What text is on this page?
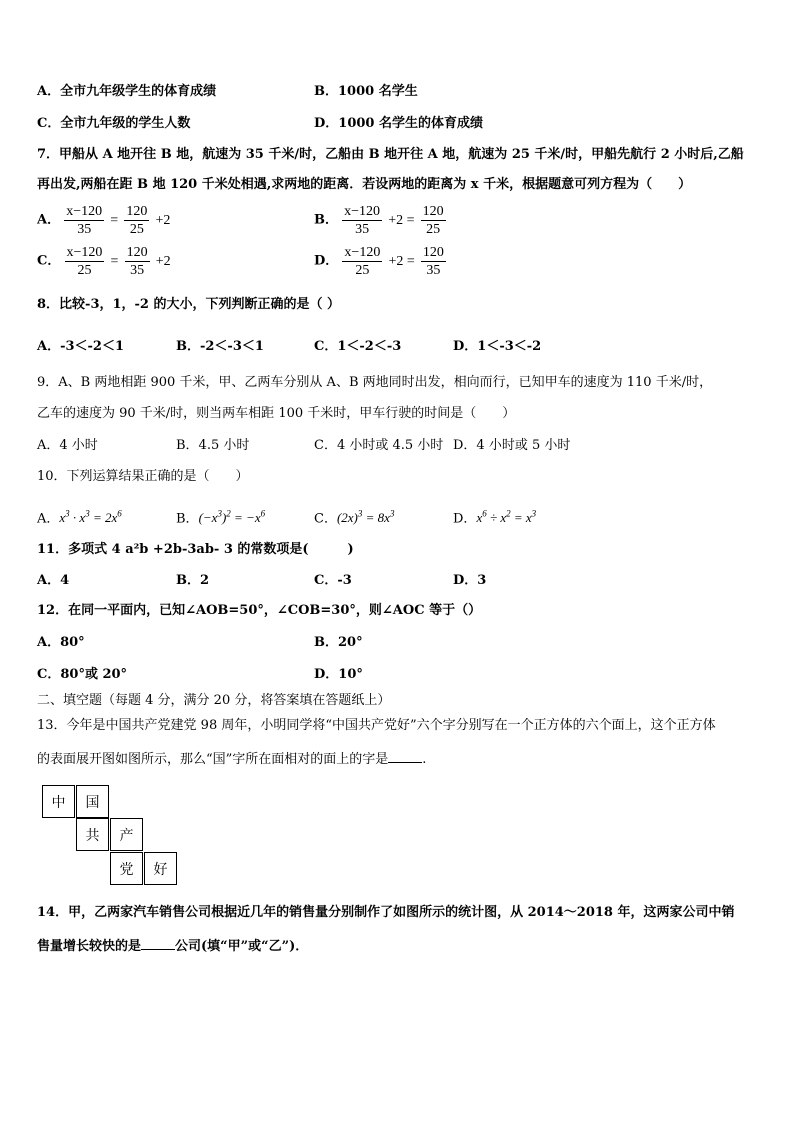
A．全市九年级学生的体育成绩	B．1000 名学生
C．全市九年级的学生人数	D．1000 名学生的体育成绩
7．甲船从 A 地开往 B 地，航速为 35 千米/时，乙船由 B 地开往 A 地，航速为 25 千米/时，甲船先航行 2 小时后,乙船
再出发,两船在距 B 地 120 千米处相遇,求两地的距离．若设两地的距离为 x 千米，根据题意可列方程为（　　）
A． $\frac{x-120}{35} = \frac{120}{25} +2$	B． $\frac{x-120}{35} +2 = \frac{120}{25}$
C． $\frac{x-120}{25} = \frac{120}{35} +2$	D． $\frac{x-120}{25} +2 = \frac{120}{35}$
8．比较-3，1，-2 的大小，下列判断正确的是（ ）
A．-3＜-2＜1	B．-2＜-3＜1	C．1＜-2＜-3	D．1＜-3＜-2
9．A、B 两地相距 900 千米，甲、乙两车分别从 A、B 两地同时出发，相向而行，已知甲车的速度为 110 千米/时，
乙车的速度为 90 千米/时，则当两车相距 100 千米时，甲车行驶的时间是（　　）
A．4 小时	B．4.5 小时	C．4 小时或 4.5 小时 D．4 小时或 5 小时
10．下列运算结果正确的是（　　）
A．$x^3 \cdot x^3 = 2x^6$	B．$(-x^3)^2 = -x^6$	C．$(2x)^3 = 8x^3$	D．$x^6 \div x^2 = x^3$
11．多项式 4 a²b +2b-3ab- 3 的常数项是(　　　)
A．4	B．2	C．-3	D．3
12．在同一平面内，已知∠AOB=50°，∠COB=30°，则∠AOC 等于（）
A．80°	B．20°
C．80°或 20°	D．10°
二、填空题（每题 4 分，满分 20 分，将答案填在答题纸上）
13．今年是中国共产党建党 98 周年，小明同学将“中国共产党好”六个字分别写在一个正方体的六个面上，这个正方体
的表面展开图如图所示，那么“国”字所在面相对的面上的字是	.
中	国
共	产
党	好
14．甲，乙两家汽车销售公司根据近几年的销售量分别制作了如图所示的统计图，从 2014～2018 年，这两家公司中销
售量增长较快的是	公司(填“甲”或“乙”)．
